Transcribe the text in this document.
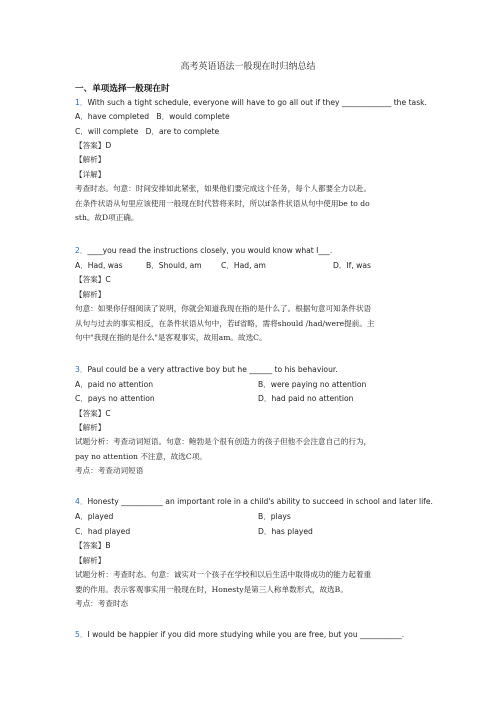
高考英语语法一般现在时归纳总结
一、单项选择一般现在时
1．With such a tight schedule, everyone will have to go all out if they _____________ the task.
A．have completed B．would complete
C．will complete D．are to complete
【答案】D
【解析】
【详解】
考查时态。句意：时间安排如此紧张，如果他们要完成这个任务，每个人都要全力以赴。
在条件状语从句里应该使用一般现在时代替将来时，所以if条件状语从句中使用be to do
sth。故D项正确。
2．____you read the instructions closely, you would know what I___.
A．Had, was	B．Should, am	C．Had, am	D．If, was
【答案】C
【解析】
句意：如果你仔细阅读了说明，你就会知道我现在指的是什么了。根据句意可知条件状语
从句与过去的事实相反，在条件状语从句中，若if省略，需将should /had/were提前。主
句中"我现在指的是什么"是客观事实，故用am。故选C。
3．Paul could be a very attractive boy but he ______ to his behaviour.
A．paid no attention	B．were paying no attention
C．pays no attention	D．had paid no attention
【答案】C
【解析】
试题分析：考查动词短语。句意：鲍勃是个很有创造力的孩子但他不会注意自己的行为，
pay no attention 不注意，故选C项。
考点：考查动词短语
4．Honesty ___________ an important role in a child's ability to succeed in school and later life.
A．played	B．plays
C．had played	D．has played
【答案】B
【解析】
试题分析：考查时态。句意：诚实对一个孩子在学校和以后生活中取得成功的能力起着重
要的作用。表示客观事实用一般现在时，Honesty是第三人称单数形式，故选B。
考点：考查时态
5．I would be happier if you did more studying while you are free, but you ___________.
